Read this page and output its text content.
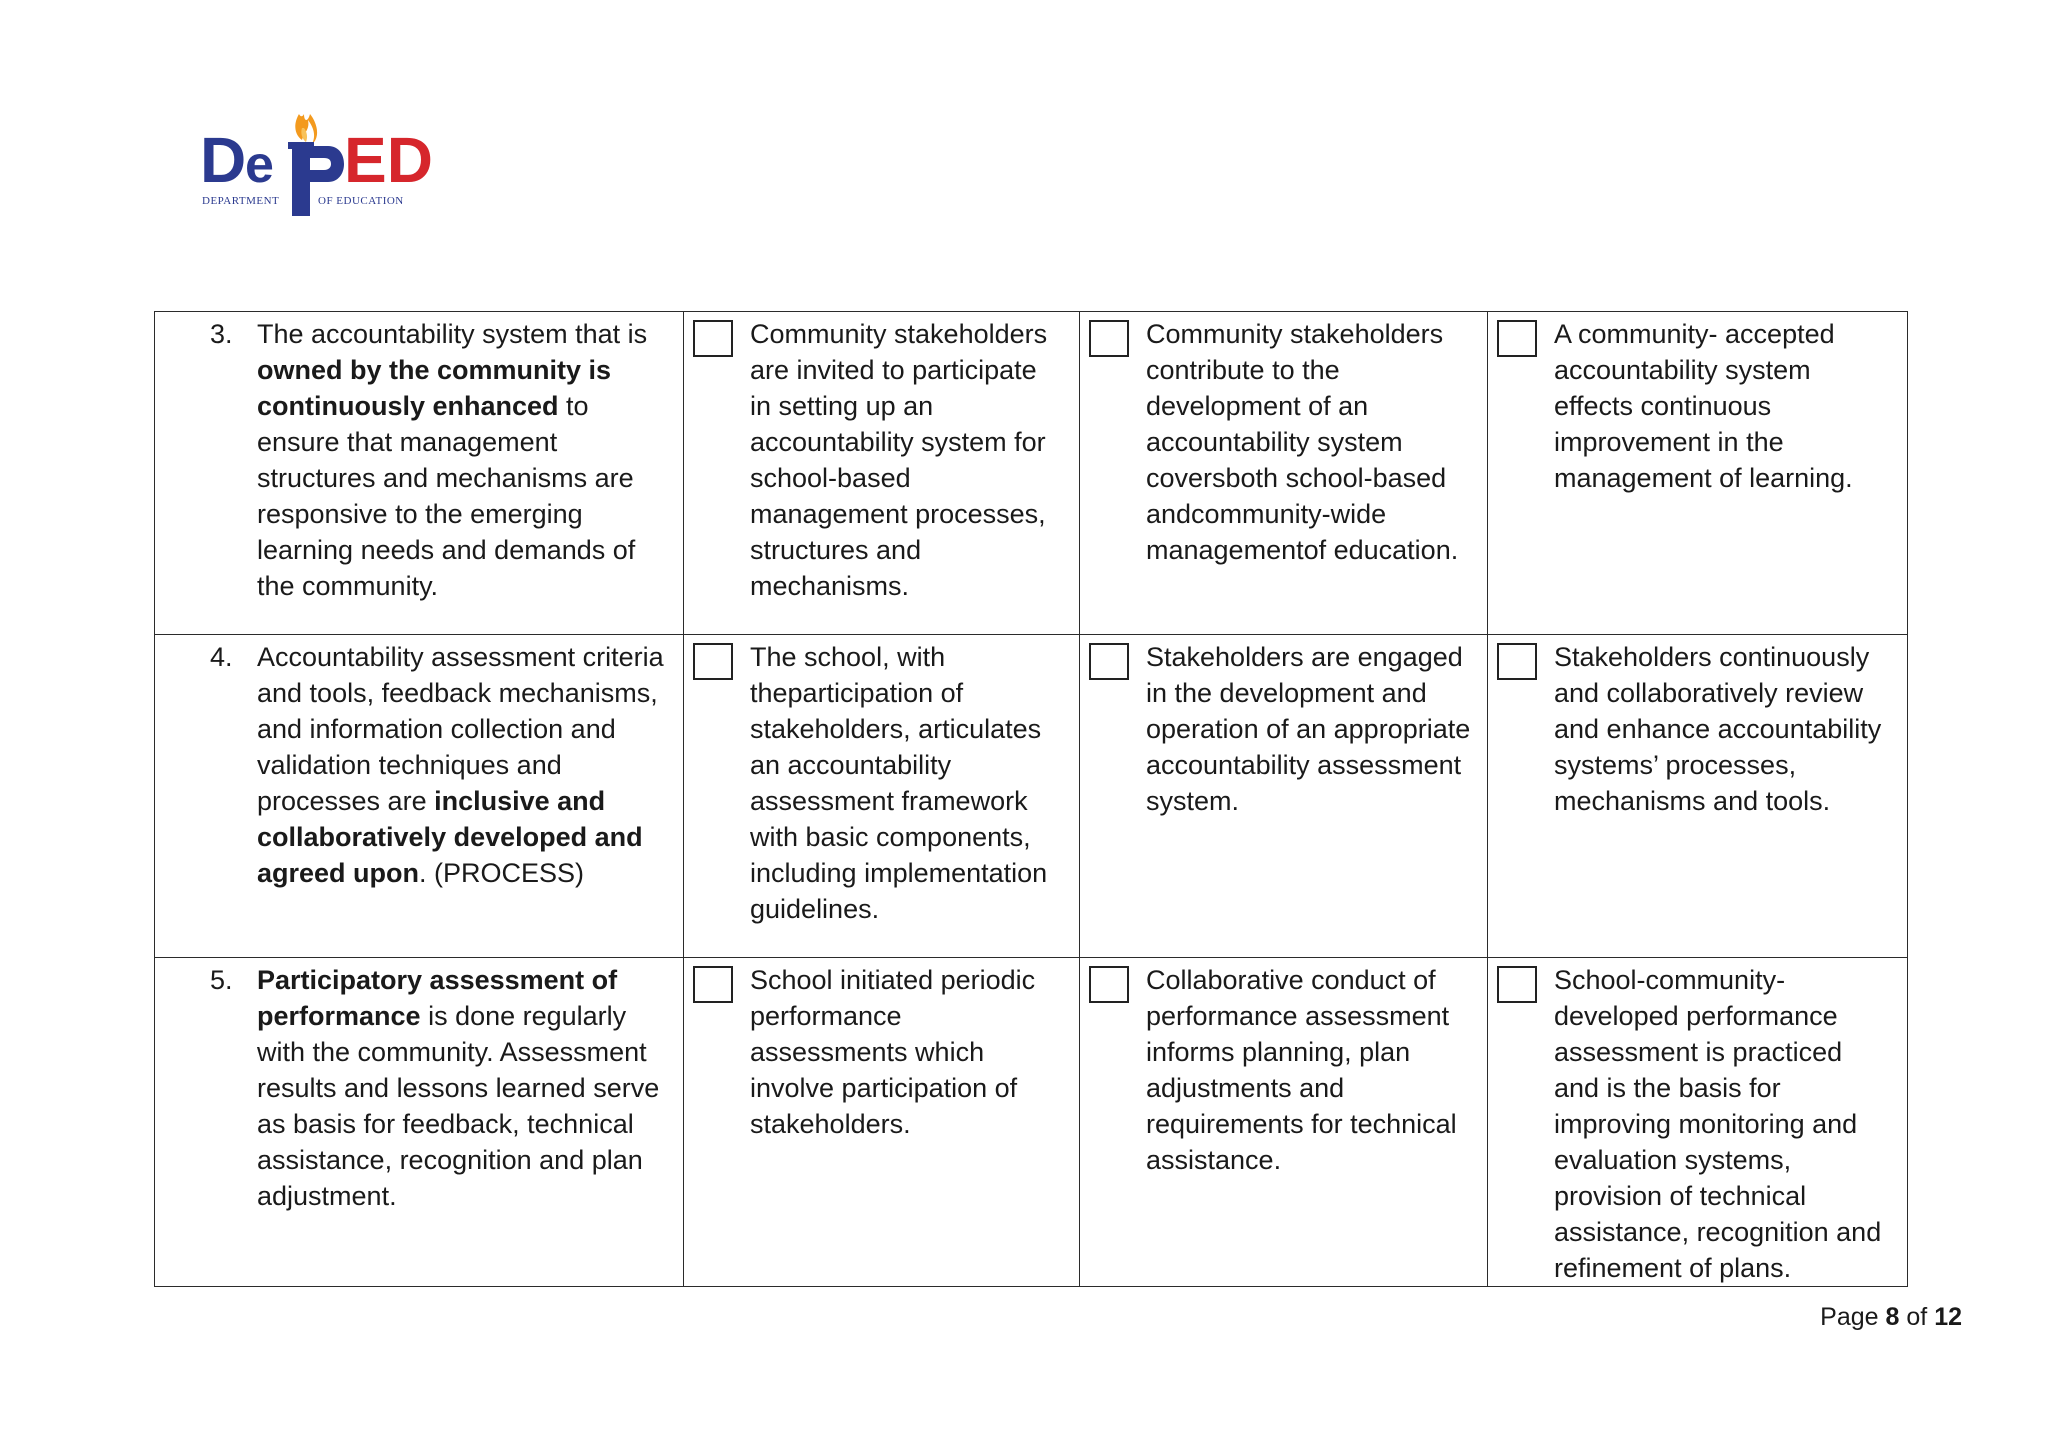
D
e ED
DEPARTMENT	OF EDUCATION
3. The accountability system that is owned by the community is continuously enhanced to ensure that management structures and mechanisms are responsive to the emerging learning needs and demands of the community.	Community stakeholders are invited to participate in setting up an accountability system for school-based management processes, structures and mechanisms.	Community stakeholders contribute to the development of an accountability system coversboth school-based andcommunity-wide managementof education.	A community- accepted accountability system effects continuous improvement in the management of learning.

4. Accountability assessment criteria and tools, feedback mechanisms, and information collection and validation techniques and processes are inclusive and collaboratively developed and agreed upon. (PROCESS)	The school, with theparticipation of stakeholders, articulates an accountability assessment framework with basic components, including implementation guidelines.	Stakeholders are engaged in the development and operation of an appropriate accountability assessment system.	Stakeholders continuously and collaboratively review and enhance accountability systems’ processes, mechanisms and tools.

5. Participatory assessment of performance is done regularly with the community. Assessment results and lessons learned serve as basis for feedback, technical assistance, recognition and plan adjustment.	School initiated periodic performance assessments which involve participation of stakeholders.	Collaborative conduct of performance assessment informs planning, plan adjustments and requirements for technical assistance.	School-community-developed performance assessment is practiced and is the basis for improving monitoring and evaluation systems, provision of technical assistance, recognition and refinement of plans.
Page 8 of 12
